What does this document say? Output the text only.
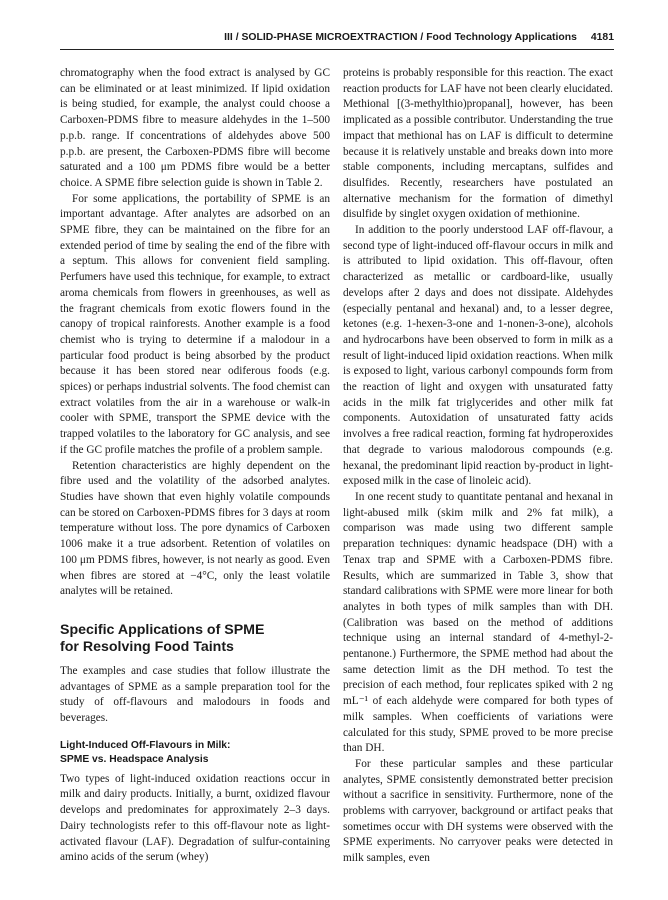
III / SOLID-PHASE MICROEXTRACTION / Food Technology Applications 4181

chromatography when the food extract is analysed by GC can be eliminated or at least minimized. If lipid oxidation is being studied, for example, the analyst could choose a Carboxen-PDMS fibre to measure aldehydes in the 1–500 p.p.b. range. If concentrations of aldehydes above 500 p.p.b. are present, the Carboxen-PDMS fibre will become saturated and a 100 μm PDMS fibre would be a better choice. A SPME fibre selection guide is shown in Table 2.

For some applications, the portability of SPME is an important advantage. After analytes are adsorbed on an SPME fibre, they can be maintained on the fibre for an extended period of time by sealing the end of the fibre with a septum. This allows for convenient field sampling. Perfumers have used this technique, for example, to extract aroma chemicals from flowers in greenhouses, as well as the fragrant chemicals from exotic flowers found in the canopy of tropical rainforests. Another example is a food chemist who is trying to determine if a malodour in a particular food product is being absorbed by the product because it has been stored near odiferous foods (e.g. spices) or perhaps industrial solvents. The food chemist can extract volatiles from the air in a warehouse or walk-in cooler with SPME, transport the SPME device with the trapped volatiles to the laboratory for GC analysis, and see if the GC profile matches the profile of a problem sample.

Retention characteristics are highly dependent on the fibre used and the volatility of the adsorbed analytes. Studies have shown that even highly volatile compounds can be stored on Carboxen-PDMS fibres for 3 days at room temperature without loss. The pore dynamics of Carboxen 1006 make it a true adsorbent. Retention of volatiles on 100 μm PDMS fibres, however, is not nearly as good. Even when fibres are stored at −4°C, only the least volatile analytes will be retained.

Specific Applications of SPME
for Resolving Food Taints

The examples and case studies that follow illustrate the advantages of SPME as a sample preparation tool for the study of off-flavours and malodours in foods and beverages.

Light-Induced Off-Flavours in Milk:
SPME vs. Headspace Analysis

Two types of light-induced oxidation reactions occur in milk and dairy products. Initially, a burnt, oxidized flavour develops and predominates for approximately 2–3 days. Dairy technologists refer to this off-flavour note as light-activated flavour (LAF). Degradation of sulfur-containing amino acids of the serum (whey)

proteins is probably responsible for this reaction. The exact reaction products for LAF have not been clearly elucidated. Methional [(3-methylthio)propanal], however, has been implicated as a possible contributor. Understanding the true impact that methional has on LAF is difficult to determine because it is relatively unstable and breaks down into more stable components, including mercaptans, sulfides and disulfides. Recently, researchers have postulated an alternative mechanism for the formation of dimethyl disulfide by singlet oxygen oxidation of methionine.

In addition to the poorly understood LAF off-flavour, a second type of light-induced off-flavour occurs in milk and is attributed to lipid oxidation. This off-flavour, often characterized as metallic or cardboard-like, usually develops after 2 days and does not dissipate. Aldehydes (especially pentanal and hexanal) and, to a lesser degree, ketones (e.g. 1-hexen-3-one and 1-nonen-3-one), alcohols and hydrocarbons have been observed to form in milk as a result of light-induced lipid oxidation reactions. When milk is exposed to light, various carbonyl compounds form from the reaction of light and oxygen with unsaturated fatty acids in the milk fat triglycerides and other milk fat components. Autoxidation of unsaturated fatty acids involves a free radical reaction, forming fat hydroperoxides that degrade to various malodorous compounds (e.g. hexanal, the predominant lipid reaction by-product in light-exposed milk in the case of linoleic acid).

In one recent study to quantitate pentanal and hexanal in light-abused milk (skim milk and 2% fat milk), a comparison was made using two different sample preparation techniques: dynamic headspace (DH) with a Tenax trap and SPME with a Carboxen-PDMS fibre. Results, which are summarized in Table 3, show that standard calibrations with SPME were more linear for both analytes in both types of milk samples than with DH. (Calibration was based on the method of additions technique using an internal standard of 4-methyl-2-pentanone.) Furthermore, the SPME method had about the same detection limit as the DH method. To test the precision of each method, four replicates spiked with 2 ng mL⁻¹ of each aldehyde were compared for both types of milk samples. When coefficients of variations were calculated for this study, SPME proved to be more precise than DH.

For these particular samples and these particular analytes, SPME consistently demonstrated better precision without a sacrifice in sensitivity. Furthermore, none of the problems with carryover, background or artifact peaks that sometimes occur with DH systems were observed with the SPME experiments. No carryover peaks were detected in milk samples, even
